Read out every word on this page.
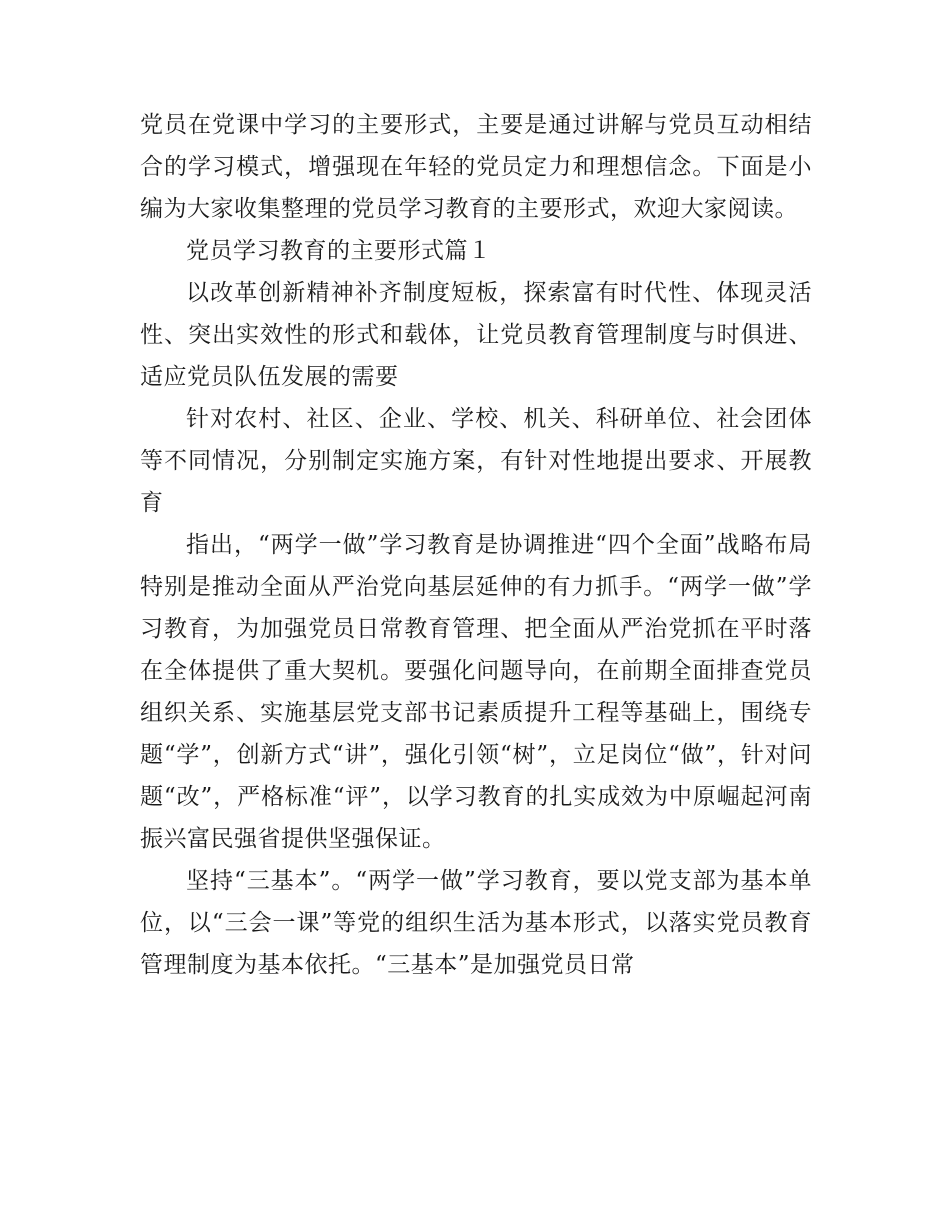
党员在党课中学习的主要形式，主要是通过讲解与党员互动相结合的学习模式，增强现在年轻的党员定力和理想信念。下面是小编为大家收集整理的党员学习教育的主要形式，欢迎大家阅读。

党员学习教育的主要形式篇１

以改革创新精神补齐制度短板，探索富有时代性、体现灵活性、突出实效性的形式和载体，让党员教育管理制度与时俱进、适应党员队伍发展的需要

针对农村、社区、企业、学校、机关、科研单位、社会团体等不同情况，分别制定实施方案，有针对性地提出要求、开展教育

指出，“两学一做”学习教育是协调推进“四个全面”战略布局特别是推动全面从严治党向基层延伸的有力抓手。“两学一做”学习教育，为加强党员日常教育管理、把全面从严治党抓在平时落在全体提供了重大契机。要强化问题导向，在前期全面排查党员组织关系、实施基层党支部书记素质提升工程等基础上，围绕专题“学”，创新方式“讲”，强化引领“树”，立足岗位“做”，针对问题“改”，严格标准“评”，以学习教育的扎实成效为中原崛起河南振兴富民强省提供坚强保证。

坚持“三基本”。“两学一做”学习教育，要以党支部为基本单位，以“三会一课”等党的组织生活为基本形式，以落实党员教育管理制度为基本依托。“三基本”是加强党员日常
